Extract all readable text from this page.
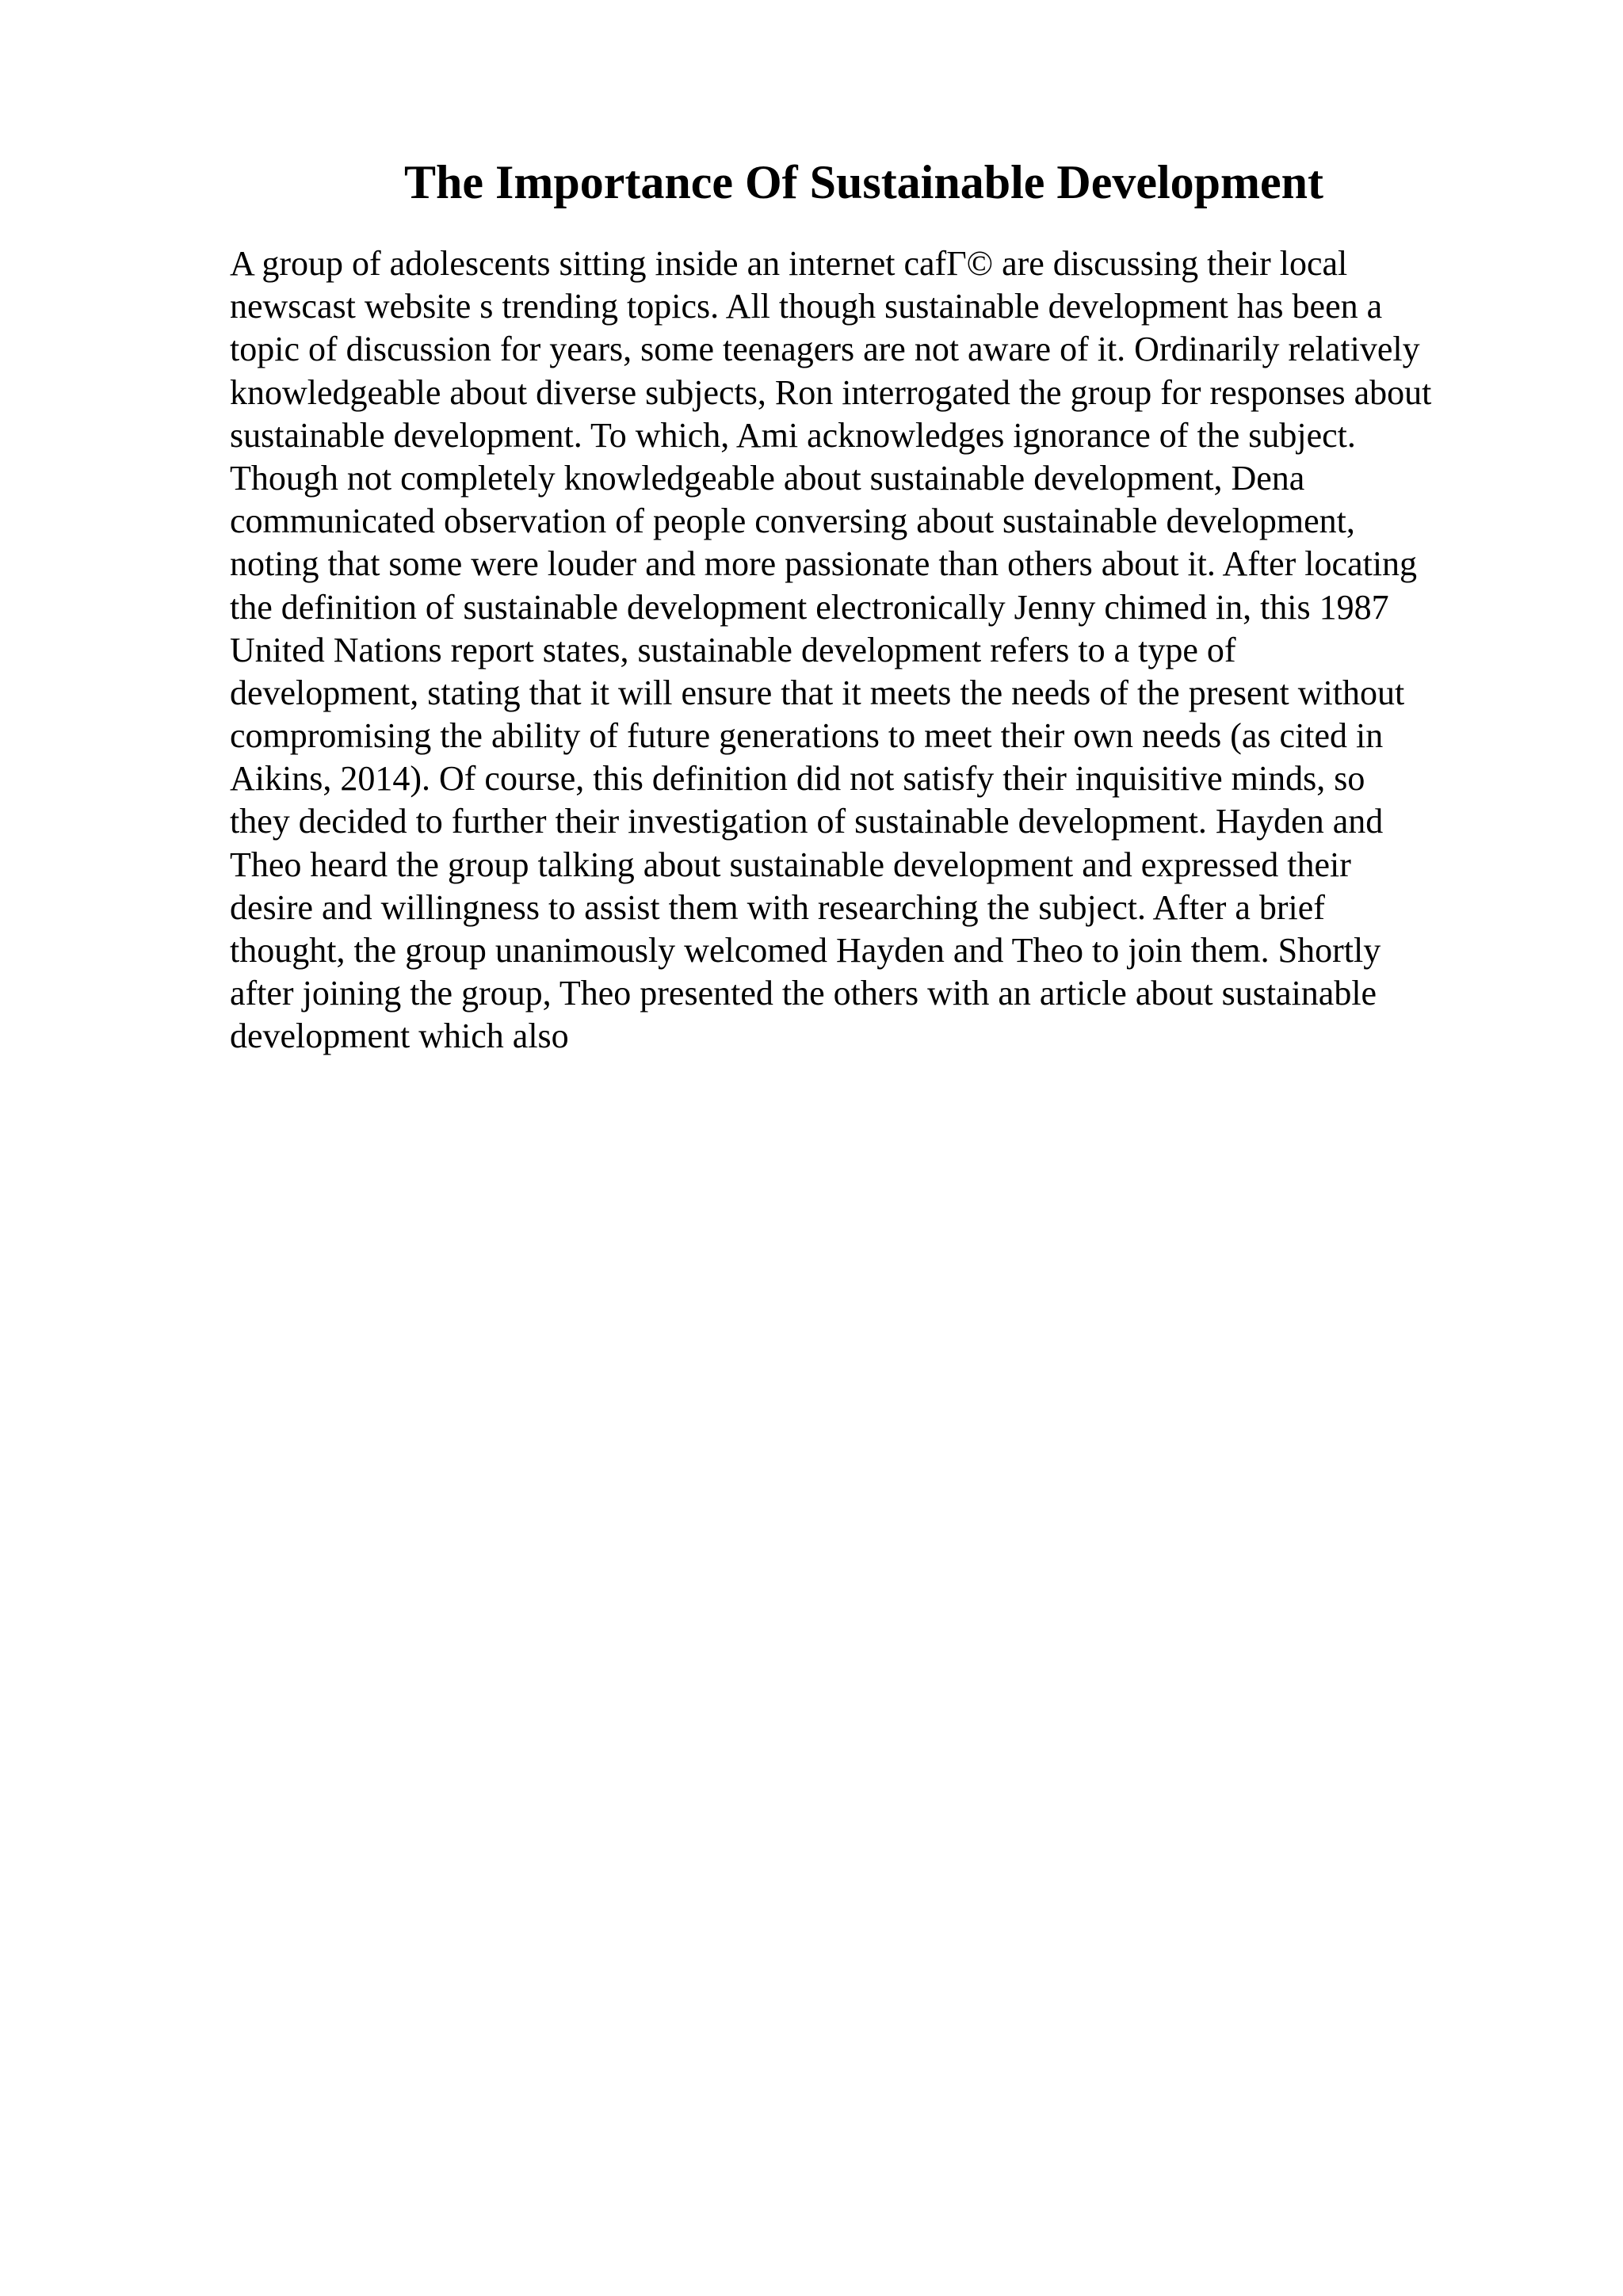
The Importance Of Sustainable Development
A group of adolescents sitting inside an internet cafГ© are discussing their local
newscast website s trending topics. All though sustainable development has been a
topic of discussion for years, some teenagers are not aware of it. Ordinarily relatively
knowledgeable about diverse subjects, Ron interrogated the group for responses about
sustainable development. To which, Ami acknowledges ignorance of the subject.
Though not completely knowledgeable about sustainable development, Dena
communicated observation of people conversing about sustainable development,
noting that some were louder and more passionate than others about it. After locating
the definition of sustainable development electronically Jenny chimed in, this 1987
United Nations report states, sustainable development refers to a type of
development, stating that it will ensure that it meets the needs of the present without
compromising the ability of future generations to meet their own needs (as cited in
Aikins, 2014). Of course, this definition did not satisfy their inquisitive minds, so
they decided to further their investigation of sustainable development. Hayden and
Theo heard the group talking about sustainable development and expressed their
desire and willingness to assist them with researching the subject. After a brief
thought, the group unanimously welcomed Hayden and Theo to join them. Shortly
after joining the group, Theo presented the others with an article about sustainable
development which also
